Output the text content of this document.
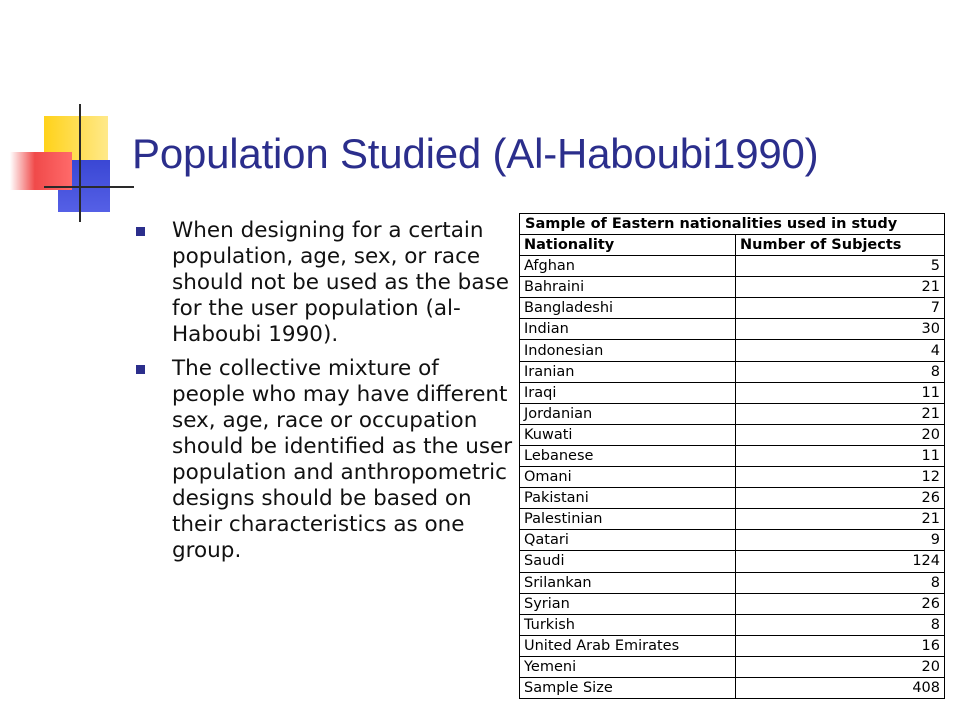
Population Studied (Al-Haboubi1990)
When designing for a certain population, age, sex, or race should not be used as the base for the user population (al-Haboubi 1990).
The collective mixture of people who may have different sex, age, race or occupation should be identified as the user population and anthropometric designs should be based on their characteristics as one group.
Sample of Eastern nationalities used in study
Nationality	Number of Subjects
Afghan	5
Bahraini	21
Bangladeshi	7
Indian	30
Indonesian	4
Iranian	8
Iraqi	11
Jordanian	21
Kuwati	20
Lebanese	11
Omani	12
Pakistani	26
Palestinian	21
Qatari	9
Saudi	124
Srilankan	8
Syrian	26
Turkish	8
United Arab Emirates	16
Yemeni	20
Sample Size	408
